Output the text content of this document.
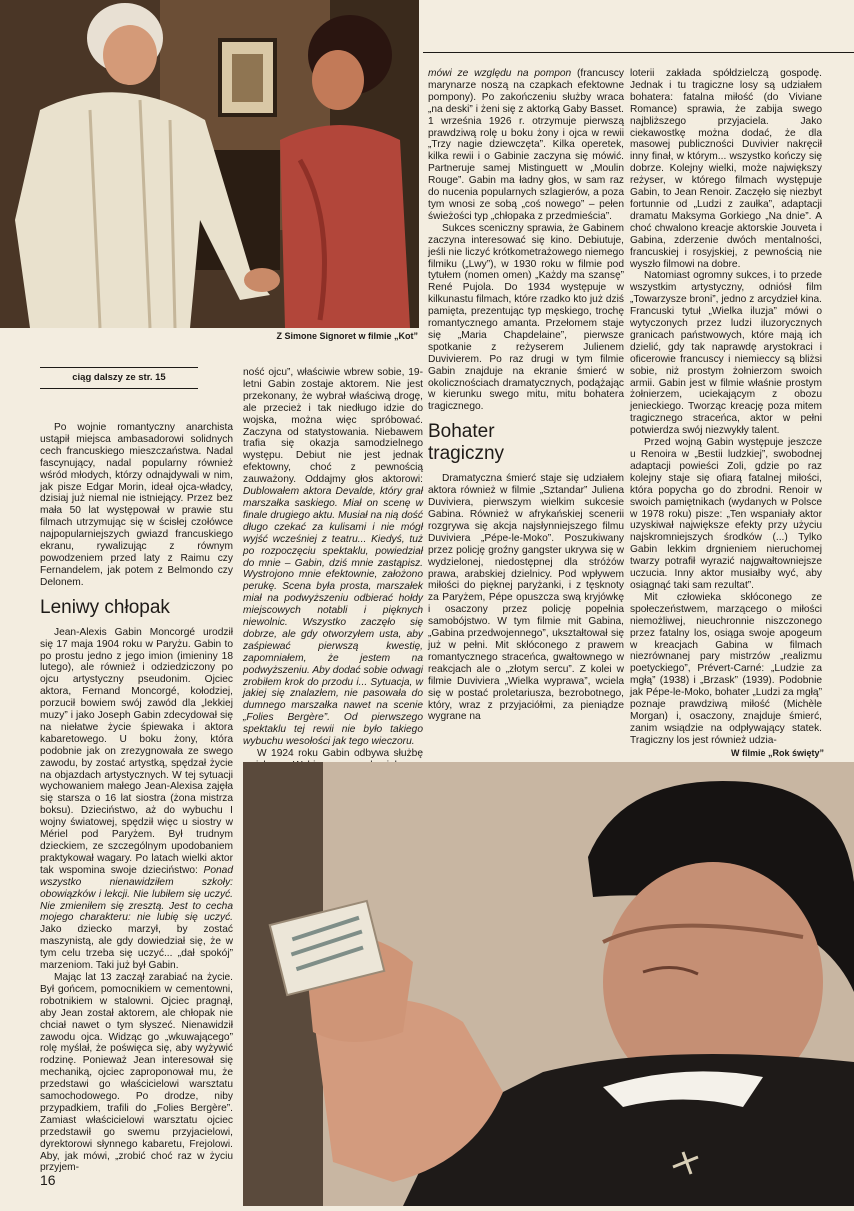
Z Simone Signoret w filmie „Kot”
ciąg dalszy ze str. 15

Po wojnie romantyczny anarchista ustąpił miejsca ambasadorowi solidnych cech francuskiego mieszczaństwa. Nadal fascynujący, nadal popularny również wśród młodych, którzy odnajdywali w nim, jak pisze Edgar Morin, ideał ojca-władcy, dzisiaj już niemal nie istniejący. Przez bez mała 50 lat występował w prawie stu filmach utrzymując się w ścisłej czołówce najpopularniejszych gwiazd francuskiego ekranu, rywalizując z równym powodzeniem przed laty z Raimu czy Fernandelem, jak potem z Belmondo czy Delonem.

Leniwy chłopak

Jean-Alexis Gabin Moncorgé urodził się 17 maja 1904 roku w Paryżu. Gabin to po prostu jedno z jego imion (imieniny 18 lutego), ale również i odziedziczony po ojcu artystyczny pseudonim. Ojciec aktora, Fernand Moncorgé, kołodziej, porzucił bowiem swój zawód dla „lekkiej muzy” i jako Joseph Gabin zdecydował się na niełatwe życie śpiewaka i aktora kabaretowego. U boku żony, która podobnie jak on zrezygnowała ze swego zawodu, by zostać artystką, spędzał życie na objazdach artystycznych. W tej sytuacji wychowaniem małego Jean-Alexisa zajęła się starsza o 16 lat siostra (żona mistrza boksu). Dzieciństwo, aż do wybuchu I wojny światowej, spędził więc u siostry w Mériel pod Paryżem. Był trudnym dzieckiem, ze szczególnym upodobaniem praktykował wagary. Po latach wielki aktor tak wspomina swoje dzieciństwo: Ponad wszystko nienawidziłem szkoły: obowiązków i lekcji. Nie lubiłem się uczyć. Nie zmieniłem się zresztą. Jest to cecha mojego charakteru: nie lubię się uczyć. Jako dziecko marzył, by zostać maszynistą, ale gdy dowiedział się, że w tym celu trzeba się uczyć... „dał spokój” marzeniom. Taki już był Gabin.

Mając lat 13 zaczął zarabiać na życie. Był gońcem, pomocnikiem w cementowni, robotnikiem w stalowni. Ojciec pragnął, aby Jean został aktorem, ale chłopak nie chciał nawet o tym słyszeć. Nienawidził zawodu ojca. Widząc go „wkuwającego” rolę myślał, że poświęca się, aby wyżywić rodzinę. Ponieważ Jean interesował się mechaniką, ojciec zaproponował mu, że przedstawi go właścicielowi warsztatu samochodowego. Po drodze, niby przypadkiem, trafili do „Folies Bergère”. Zamiast właścicielowi warsztatu ojciec przedstawił go swemu przyjacielowi, dyrektorowi słynnego kabaretu, Frejolowi. Aby, jak mówi, „zrobić choć raz w życiu przyjem-

ność ojcu”, właściwie wbrew sobie, 19-letni Gabin zostaje aktorem. Nie jest przekonany, że wybrał właściwą drogę, ale przecież i tak niedługo idzie do wojska, można więc spróbować. Zaczyna od statystowania. Niebawem trafia się okazja samodzielnego występu. Debiut nie jest jednak efektowny, choć z pewnością zauważony. Oddajmy głos aktorowi: Dublowałem aktora Devalde, który grał marszałka saskiego. Miał on scenę w finale drugiego aktu. Musiał na nią dość długo czekać za kulisami i nie mógł wyjść wcześniej z teatru... Kiedyś, tuż po rozpoczęciu spektaklu, powiedział do mnie – Gabin, dziś mnie zastąpisz. Wystrojono mnie efektownie, założono perukę. Scena była prosta, marszałek miał na podwyższeniu odbierać hołdy miejscowych notabli i pięknych niewolnic. Wszystko zaczęło się dobrze, ale gdy otworzyłem usta, aby zaśpiewać pierwszą kwestię, zapomniałem, że jestem na podwyższeniu. Aby dodać sobie odwagi zrobiłem krok do przodu i... Sytuacja, w jakiej się znalazłem, nie pasowała do dumnego marszałka nawet na scenie „Folies Bergère”. Od pierwszego spektaklu tej rewii nie było takiego wybuchu wesołości jak tego wieczoru.

W 1924 roku Gabin odbywa służbę

mówi ze względu na pompon (francuscy marynarze noszą na czapkach efektowne pompony). Po zakończeniu służby wraca „na deski” i żeni się z aktorką Gaby Basset. 1 września 1926 r. otrzymuje pierwszą prawdziwą rolę u boku żony i ojca w rewii „Trzy nagie dziewczęta”. Kilka operetek, kilka rewii i o Gabinie zaczyna się mówić. Partneruje samej Mistinguett w „Moulin Rouge”. Gabin ma ładny głos, w sam raz do nucenia popularnych szlagierów, a poza tym wnosi ze sobą „coś nowego” – pełen świeżości typ „chłopaka z przedmieścia”.

Sukces sceniczny sprawia, że Gabinem zaczyna interesować się kino. Debiutuje, jeśli nie liczyć krótkometrażowego niemego filmiku („Lwy”), w 1930 roku w filmie pod tytułem (nomen omen) „Każdy ma szansę” René Pujola. Do 1934 występuje w kilkunastu filmach, które rzadko kto już dziś pamięta, prezentując typ męskiego, trochę romantycznego amanta. Przełomem staje się „Maria Chapdelaine”, pierwsze spotkanie z reżyserem Julienem Duvivierem. Po raz drugi w tym filmie Gabin znajduje na ekranie śmierć w okolicznościach dramatycznych, podążając w kierunku swego mitu, mitu bohatera tragicznego.

Bohater tragiczny

Dramatyczna śmierć staje się udziałem aktora również w filmie „Sztandar” Juliena Duviviera, pierwszym wielkim sukcesie Gabina. Również w afrykańskiej scenerii rozgrywa się akcja najsłynniejszego filmu Duviviera „Pépe-le-Moko”. Poszukiwany przez policję groźny gangster ukrywa się w wydzielonej, niedostępnej dla stróżów prawa, arabskiej dzielnicy. Pod wpływem miłości do pięknej paryżanki, i z tęsknoty za Paryżem, Pépe opuszcza swą kryjówkę i osaczony przez policję popełnia samobójstwo. W tym filmie mit Gabina, „Gabina przedwojennego”, ukształtował się już w pełni. Mit skłóconego z prawem romantycznego straceńca, gwałtownego w reakcjach ale o „złotym sercu”. Z kolei w filmie Duviviera „Wielka wyprawa”, wciela się w postać proletariusza, bezrobotnego, który, wraz z przyjaciółmi, za pieniądze wygrane na

loterii zakłada spółdzielczą gospodę. Jednak i tu tragiczne losy są udziałem bohatera: fatalna miłość (do Viviane Romance) sprawia, że zabija swego najbliższego przyjaciela. Jako ciekawostkę można dodać, że dla masowej publiczności Duvivier nakręcił inny finał, w którym... wszystko kończy się dobrze. Kolejny wielki, może największy reżyser, w którego filmach występuje Gabin, to Jean Renoir. Zaczęło się niezbyt fortunnie od „Ludzi z zaułka”, adaptacji dramatu Maksyma Gorkiego „Na dnie”. A choć chwalono kreacje aktorskie Jouveta i Gabina, zderzenie dwóch mentalności, francuskiej i rosyjskiej, z pewnością nie wyszło filmowi na dobre.

Natomiast ogromny sukces, i to przede wszystkim artystyczny, odniósł film „Towarzysze broni”, jedno z arcydzieł kina. Francuski tytuł „Wielka iluzja” mówi o wytyczonych przez ludzi iluzorycznych granicach państwowych, które mają ich dzielić, gdy tak naprawdę arystokraci i oficerowie francuscy i niemieccy są bliżsi sobie, niż prostym żołnierzom swoich armii. Gabin jest w filmie właśnie prostym żołnierzem, uciekającym z obozu jenieckiego. Tworząc kreację poza mitem tragicznego straceńca, aktor w pełni potwierdza swój niezwykły talent.

Przed wojną Gabin występuje jeszcze u Renoira w „Bestii ludzkiej”, swobodnej adaptacji powieści Zoli, gdzie po raz kolejny staje się ofiarą fatalnej miłości, która popycha go do zbrodni. Renoir w swoich pamiętnikach (wydanych w Polsce w 1978 roku) pisze: „Ten wspaniały aktor uzyskiwał największe efekty przy użyciu najskromniejszych środków (...) Tylko Gabin lekkim drgnieniem nieruchomej twarzy potrafił wyrazić najgwałtowniejsze uczucia. Inny aktor musiałby wyć, aby osiągnąć taki sam rezultat”.

Mit człowieka skłóconego ze społeczeństwem, marzącego o miłości niemożliwej, nieuchronnie niszczonego przez fatalny los, osiąga swoje apogeum w kreacjach Gabina w filmach niezrównanej pary mistrzów „realizmu poetyckiego”, Prévert-Carné: „Ludzie za mgłą” (1938) i „Brzask” (1939). Podobnie jak Pépe-le-Moko, bohater „Ludzi za mgłą” poznaje prawdziwą miłość (Michèle Morgan) i, osaczony, znajduje śmierć, zanim wsiądzie na odpływający statek. Tragiczny los jest również udzia-

W filmie „Rok święty”
16
